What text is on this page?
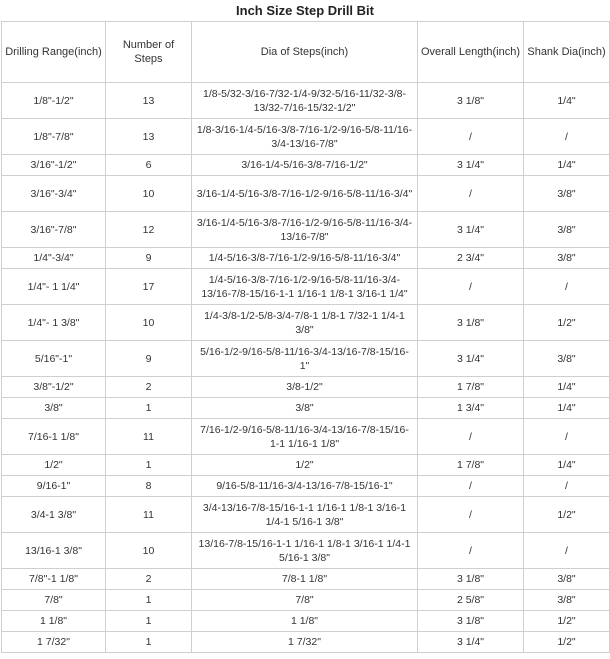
Inch Size Step Drill Bit
Drilling Range(inch)	Number of Steps	Dia of Steps(inch)	Overall Length(inch)	Shank Dia(inch)
1/8"-1/2"	13	1/8-5/32-3/16-7/32-1/4-9/32-5/16-11/32-3/8-13/32-7/16-15/32-1/2"	3 1/8"	1/4"
1/8"-7/8"	13	1/8-3/16-1/4-5/16-3/8-7/16-1/2-9/16-5/8-11/16-3/4-13/16-7/8"	/	/
3/16"-1/2"	6	3/16-1/4-5/16-3/8-7/16-1/2"	3 1/4"	1/4"
3/16"-3/4"	10	3/16-1/4-5/16-3/8-7/16-1/2-9/16-5/8-11/16-3/4"	/	3/8"
3/16"-7/8"	12	3/16-1/4-5/16-3/8-7/16-1/2-9/16-5/8-11/16-3/4-13/16-7/8"	3 1/4"	3/8"
1/4"-3/4"	9	1/4-5/16-3/8-7/16-1/2-9/16-5/8-11/16-3/4"	2 3/4"	3/8"
1/4"- 1 1/4"	17	1/4-5/16-3/8-7/16-1/2-9/16-5/8-11/16-3/4-13/16-7/8-15/16-1-1 1/16-1 1/8-1 3/16-1 1/4"	/	/
1/4"- 1 3/8"	10	1/4-3/8-1/2-5/8-3/4-7/8-1 1/8-1 7/32-1 1/4-1 3/8"	3 1/8"	1/2"
5/16"-1"	9	5/16-1/2-9/16-5/8-11/16-3/4-13/16-7/8-15/16-1"	3 1/4"	3/8"
3/8"-1/2"	2	3/8-1/2"	1 7/8"	1/4"
3/8"	1	3/8"	1 3/4"	1/4"
7/16-1 1/8"	11	7/16-1/2-9/16-5/8-11/16-3/4-13/16-7/8-15/16-1-1 1/16-1 1/8"	/	/
1/2"	1	1/2"	1 7/8"	1/4"
9/16-1"	8	9/16-5/8-11/16-3/4-13/16-7/8-15/16-1"	/	/
3/4-1 3/8"	11	3/4-13/16-7/8-15/16-1-1 1/16-1 1/8-1 3/16-1 1/4-1 5/16-1 3/8"	/	1/2"
13/16-1 3/8"	10	13/16-7/8-15/16-1-1 1/16-1 1/8-1 3/16-1 1/4-1 5/16-1 3/8"	/	/
7/8"-1 1/8"	2	7/8-1 1/8"	3 1/8"	3/8"
7/8"	1	7/8"	2 5/8"	3/8"
1 1/8"	1	1 1/8"	3 1/8"	1/2"
1 7/32"	1	1 7/32"	3 1/4"	1/2"
